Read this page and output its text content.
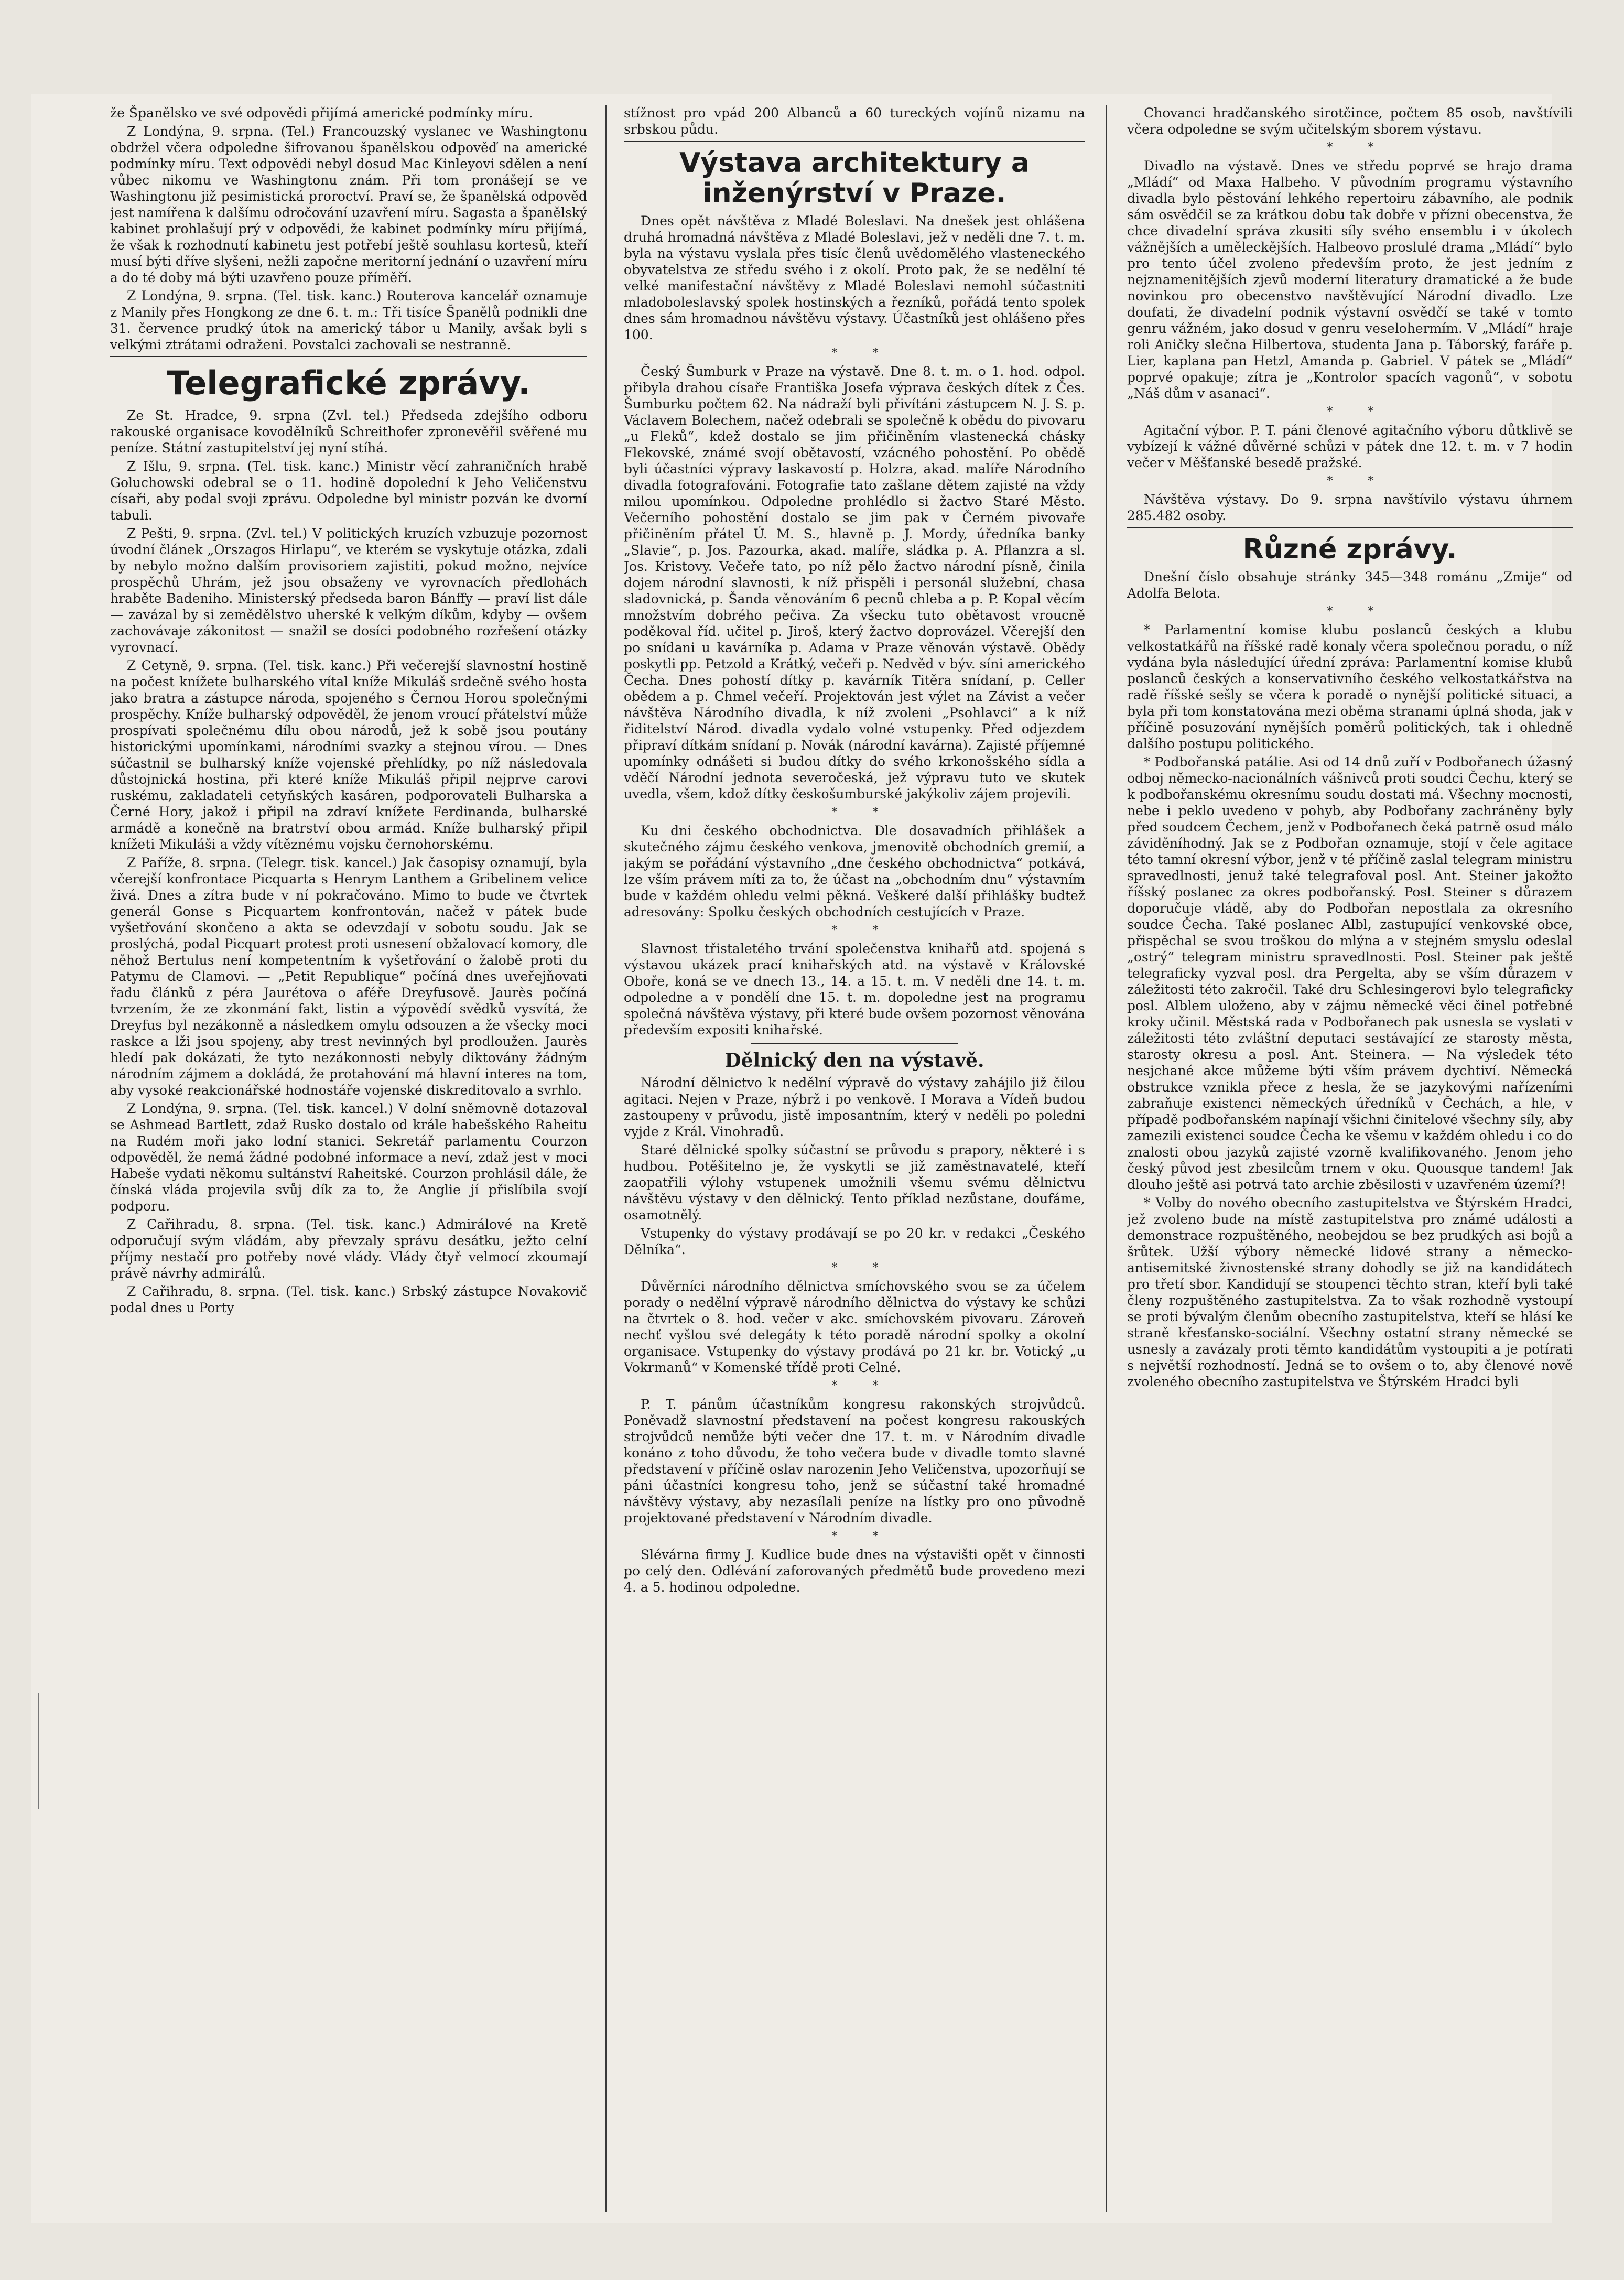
že Španělsko ve své odpovědi přijímá americké podmínky míru.

Z Londýna, 9. srpna. (Tel.) Francouzský vyslanec ve Washingtonu obdržel včera odpoledne šifrovanou španělskou odpověď na americké podmínky míru. Text odpovědi nebyl dosud Mac Kinleyovi sdělen a není vůbec nikomu ve Washingtonu znám. Při tom pronášejí se ve Washingtonu již pesimistická proroctví. Praví se, že španělská odpověď jest namířena k dalšímu odročování uzavření míru. Sagasta a španělský kabinet prohlašují prý v odpovědi, že kabinet podmínky míru přijímá, že však k rozhodnutí kabinetu jest potřebí ještě souhlasu kortesů, kteří musí býti dříve slyšeni, nežli započne meritorní jednání o uzavření míru a do té doby má býti uzavřeno pouze příměří.

Z Londýna, 9. srpna. (Tel. tisk. kanc.) Routerova kancelář oznamuje z Manily přes Hongkong ze dne 6. t. m.: Tři tisíce Španělů podnikli dne 31. července prudký útok na americký tábor u Manily, avšak byli s velkými ztrátami odraženi. Povstalci zachovali se nestranně.

Telegrafické zprávy.

Ze St. Hradce, 9. srpna (Zvl. tel.) Předseda zdejšího odboru rakouské organisace kovodělníků Schreithofer zpronevěřil svěřené mu peníze. Státní zastupitelství jej nyní stíhá.

Z Išlu, 9. srpna. (Tel. tisk. kanc.) Ministr věcí zahraničních hrabě Goluchowski odebral se o 11. hodině dopolední k Jeho Veličenstvu císaři, aby podal svoji zprávu. Odpoledne byl ministr pozván ke dvorní tabuli.

Z Pešti, 9. srpna. (Zvl. tel.) V politických kruzích vzbuzuje pozornost úvodní článek „Orszagos Hirlapu“, ve kterém se vyskytuje otázka, zdali by nebylo možno dalším provisoriem zajistiti, pokud možno, nejvíce prospěchů Uhrám, jež jsou obsaženy ve vyrovnacích předlohách hraběte Badeniho. Ministerský předseda baron Bánffy — praví list dále — zavázal by si zemědělstvo uherské k velkým díkům, kdyby — ovšem zachovávaje zákonitost — snažil se dosíci podobného rozřešení otázky vyrovnací.

Z Cetyně, 9. srpna. (Tel. tisk. kanc.) Při večerejší slavnostní hostině na počest knížete bulharského vítal kníže Mikuláš srdečně svého hosta jako bratra a zástupce národa, spojeného s Černou Horou společnými prospěchy. Kníže bulharský odpověděl, že jenom vroucí přátelství může prospívati společnému dílu obou národů, jež k sobě jsou poutány historickými upomínkami, národními svazky a stejnou vírou. — Dnes súčastnil se bulharský kníže vojenské přehlídky, po níž následovala důstojnická hostina, při které kníže Mikuláš připil nejprve carovi ruskému, zakladateli cetyňských kasáren, podporovateli Bulharska a Černé Hory, jakož i připil na zdraví knížete Ferdinanda, bulharské armádě a konečně na bratrství obou armád. Kníže bulharský připil knížeti Mikuláši a vždy vítěznému vojsku černohorskému.

Z Paříže, 8. srpna. (Telegr. tisk. kancel.) Jak časopisy oznamují, byla včerejší konfrontace Picquarta s Henrym Lanthem a Gribelinem velice živá. Dnes a zítra bude v ní pokračováno. Mimo to bude ve čtvrtek generál Gonse s Picquartem konfrontován, načež v pátek bude vyšetřování skončeno a akta se odevzdají v sobotu soudu. Jak se proslýchá, podal Picquart protest proti usnesení obžalovací komory, dle něhož Bertulus není kompetentním k vyšetřování o žalobě proti du Patymu de Clamovi. — „Petit Republique“ počíná dnes uveřejňovati řadu článků z péra Jaurétova o aféře Dreyfusově. Jaurès počíná tvrzením, že ze zkonmání fakt, listin a výpovědí svědků vysvítá, že Dreyfus byl nezákonně a následkem omylu odsouzen a že všecky moci raskce a lži jsou spojeny, aby trest nevinných byl prodloužen. Jaurès hledí pak dokázati, že tyto nezákonnosti nebyly diktovány žádným národním zájmem a dokládá, že protahování má hlavní interes na tom, aby vysoké reakcionářské hodnostáře vojenské diskreditovalo a svrhlo.

Z Londýna, 9. srpna. (Tel. tisk. kancel.) V dolní sněmovně dotazoval se Ashmead Bartlett, zdaž Rusko dostalo od krále habešského Raheitu na Rudém moři jako lodní stanici. Sekretář parlamentu Courzon odpověděl, že nemá žádné podobné informace a neví, zdaž jest v moci Habeše vydati někomu sultánství Raheitské. Courzon prohlásil dále, že čínská vláda projevila svůj dík za to, že Anglie jí přislíbila svojí podporu.

Z Cařihradu, 8. srpna. (Tel. tisk. kanc.) Admirálové na Kretě odporučují svým vládám, aby převzaly správu desátku, ježto celní příjmy nestačí pro potřeby nové vlády. Vlády čtyř velmocí zkoumají právě návrhy admirálů.

Z Cařihradu, 8. srpna. (Tel. tisk. kanc.) Srbský zástupce Novakovič podal dnes u Porty

stížnost pro vpád 200 Albanců a 60 tureckých vojínů nizamu na srbskou půdu.

Výstava architektury a inženýrství v Praze.

Dnes opět návštěva z Mladé Boleslavi. Na dnešek jest ohlášena druhá hromadná návštěva z Mladé Boleslavi, jež v neděli dne 7. t. m. byla na výstavu vyslala přes tisíc členů uvědomělého vlasteneckého obyvatelstva ze středu svého i z okolí. Proto pak, že se nedělní té velké manifestační návštěvy z Mladé Boleslavi nemohl súčastniti mladoboleslavský spolek hostinských a řezníků, pořádá tento spolek dnes sám hromadnou návštěvu výstavy. Účastníků jest ohlášeno přes 100.

* *

Český Šumburk v Praze na výstavě. Dne 8. t. m. o 1. hod. odpol. přibyla drahou císaře Františka Josefa výprava českých dítek z Čes. Šumburku počtem 62. Na nádraží byli přivítáni zástupcem N. J. S. p. Václavem Bolechem, načež odebrali se společně k obědu do pivovaru „u Fleků“, kdež dostalo se jim přičiněním vlastenecká chásky Flekovské, známé svojí obětavostí, vzácného pohostění. Po obědě byli účastníci výpravy laskavostí p. Holzra, akad. malíře Národního divadla fotografováni. Fotografie tato zašlane dětem zajisté na vždy milou upomínkou. Odpoledne prohlédlo si žactvo Staré Město. Večerního pohostění dostalo se jim pak v Černém pivovaře přičiněním přátel Ú. M. S., hlavně p. J. Mordy, úředníka banky „Slavie“, p. Jos. Pazourka, akad. malíře, sládka p. A. Pflanzra a sl. Jos. Kristovy. Večeře tato, po níž pělo žactvo národní písně, činila dojem národní slavnosti, k níž přispěli i personál služební, chasa sladovnická, p. Šanda věnováním 6 pecnů chleba a p. P. Kopal věcím množstvím dobrého pečiva. Za všecku tuto obětavost vroucně poděkoval říd. učitel p. Jiroš, který žactvo doprovázel. Včerejší den po snídani u kavárníka p. Adama v Praze věnován výstavě. Obědy poskytli pp. Petzold a Krátký, večeři p. Nedvěd v býv. síni amerického Čecha. Dnes pohostí dítky p. kavárník Titěra snídaní, p. Celler obědem a p. Chmel večeří. Projektován jest výlet na Závist a večer návštěva Národního divadla, k níž zvoleni „Psohlavci“ a k níž řiditelství Národ. divadla vydalo volné vstupenky. Před odjezdem připraví dítkám snídaní p. Novák (národní kavárna). Zajisté příjemné upomínky odnášeti si budou dítky do svého krkonošského sídla a vděčí Národní jednota severočeská, jež výpravu tuto ve skutek uvedla, všem, kdož dítky českošumburské jakýkoliv zájem projevili.

* *

Ku dni českého obchodnictva. Dle dosavadních přihlášek a skutečného zájmu českého venkova, jmenovitě obchodních gremií, a jakým se pořádání výstavního „dne českého obchodnictva“ potkává, lze vším právem míti za to, že účast na „obchodním dnu“ výstavním bude v každém ohledu velmi pěkná. Veškeré další přihlášky budtež adresovány: Spolku českých obchodních cestujících v Praze.

* *

Slavnost třistaletého trvání společenstva knihařů atd. spojená s výstavou ukázek prací knihařských atd. na výstavě v Královské Oboře, koná se ve dnech 13., 14. a 15. t. m. V neděli dne 14. t. m. odpoledne a v pondělí dne 15. t. m. dopoledne jest na programu společná návštěva výstavy, při které bude ovšem pozornost věnována především expositi knihařské.

Dělnický den na výstavě.

Národní dělnictvo k nedělní výpravě do výstavy zahájilo již čilou agitaci. Nejen v Praze, nýbrž i po venkově. I Morava a Vídeň budou zastoupeny v průvodu, jistě imposantním, který v neděli po poledni vyjde z Král. Vinohradů.

Staré dělnické spolky súčastní se průvodu s prapory, některé i s hudbou. Potěšitelno je, že vyskytli se již zaměstnavatelé, kteří zaopatřili výlohy vstupenek umožnili všemu svému dělnictvu návštěvu výstavy v den dělnický. Tento příklad nezůstane, doufáme, osamotnělý.

Vstupenky do výstavy prodávají se po 20 kr. v redakci „Českého Dělníka“.

* *

Důvěrníci národního dělnictva smíchovského svou se za účelem porady o nedělní výpravě národního dělnictva do výstavy ke schůzi na čtvrtek o 8. hod. večer v akc. smíchovském pivovaru. Zároveň nechť vyšlou své delegáty k této poradě národní spolky a okolní organisace. Vstupenky do výstavy prodává po 21 kr. br. Votický „u Vokrmanů“ v Komenské třídě proti Celné.

* *

P. T. pánům účastníkům kongresu rakonských strojvůdců. Poněvadž slavnostní představení na počest kongresu rakouských strojvůdců nemůže býti večer dne 17. t. m. v Národním divadle konáno z toho důvodu, že toho večera bude v divadle tomto slavné představení v příčině oslav narozenin Jeho Veličenstva, upozorňují se páni účastníci kongresu toho, jenž se súčastní také hromadné návštěvy výstavy, aby nezasílali peníze na lístky pro ono původně projektované představení v Národním divadle.

* *

Slévárna firmy J. Kudlice bude dnes na výstavišti opět v činnosti po celý den. Odlévání zaforovaných předmětů bude provedeno mezi 4. a 5. hodinou odpoledne.

Chovanci hradčanského sirotčince, počtem 85 osob, navštívili včera odpoledne se svým učitelským sborem výstavu.

* *

Divadlo na výstavě. Dnes ve středu poprvé se hrajo drama „Mládí“ od Maxa Halbeho. V původním programu výstavního divadla bylo pěstování lehkého repertoiru zábavního, ale podnik sám osvědčil se za krátkou dobu tak dobře v přízni obecenstva, že chce divadelní správa zkusiti síly svého ensemblu i v úkolech vážnějších a uměleckějších. Halbeovo proslulé drama „Mládí“ bylo pro tento účel zvoleno především proto, že jest jedním z nejznamenitějších zjevů moderní literatury dramatické a že bude novinkou pro obecenstvo navštěvující Národní divadlo. Lze doufati, že divadelní podnik výstavní osvědčí se také v tomto genru vážném, jako dosud v genru veselohermím. V „Mládí“ hraje roli Aničky slečna Hilbertova, studenta Jana p. Táborský, faráře p. Lier, kaplana pan Hetzl, Amanda p. Gabriel. V pátek se „Mládí“ poprvé opakuje; zítra je „Kontrolor spacích vagonů“, v sobotu „Náš dům v asanaci“.

* *

Agitační výbor. P. T. páni členové agitačního výboru důtklivě se vybízejí k vážné důvěrné schůzi v pátek dne 12. t. m. v 7 hodin večer v Měšťanské besedě pražské.

* *

Návštěva výstavy. Do 9. srpna navštívilo výstavu úhrnem 285.482 osoby.

Různé zprávy.

Dnešní číslo obsahuje stránky 345—348 románu „Zmije“ od Adolfa Belota.

* *

* Parlamentní komise klubu poslanců českých a klubu velkostatkářů na říšské radě konaly včera společnou poradu, o níž vydána byla následující úřední zpráva: Parlamentní komise klubů poslanců českých a konservativního českého velkostatkářstva na radě říšské sešly se včera k poradě o nynější politické situaci, a byla při tom konstatována mezi oběma stranami úplná shoda, jak v příčině posuzování nynějších poměrů politických, tak i ohledně dalšího postupu politického.

* Podbořanská patálie. Asi od 14 dnů zuří v Podbořanech úžasný odboj německo-nacionálních vášnivců proti soudci Čechu, který se k podbořanskému okresnímu soudu dostati má. Všechny mocnosti, nebe i peklo uvedeno v pohyb, aby Podbořany zachráněny byly před soudcem Čechem, jenž v Podbořanech čeká patrně osud málo záviděníhodný. Jak se z Podbořan oznamuje, stojí v čele agitace této tamní okresní výbor, jenž v té příčině zaslal telegram ministru spravedlnosti, jenuž také telegrafoval posl. Ant. Steiner jakožto říšský poslanec za okres podbořanský. Posl. Steiner s důrazem doporučuje vládě, aby do Podbořan nepostlala za okresního soudce Čecha. Také poslanec Albl, zastupující venkovské obce, přispěchal se svou troškou do mlýna a v stejném smyslu odeslal „ostrý“ telegram ministru spravedlnosti. Posl. Steiner pak ještě telegraficky vyzval posl. dra Pergelta, aby se vším důrazem v záležitosti této zakročil. Také dru Schlesingerovi bylo telegraficky posl. Alblem uloženo, aby v zájmu německé věci činel potřebné kroky učinil. Městská rada v Podbořanech pak usnesla se vyslati v záležitosti této zvláštní deputaci sestávající ze starosty města, starosty okresu a posl. Ant. Steinera. — Na výsledek této nesjchané akce můžeme býti vším právem dychtiví. Německá obstrukce vznikla přece z hesla, že se jazykovými nařízeními zabraňuje existenci německých úředníků v Čechách, a hle, v případě podbořanském napínají všichni činitelové všechny síly, aby zamezili existenci soudce Čecha ke všemu v každém ohledu i co do znalosti obou jazyků zajisté vzorně kvalifikovaného. Jenom jeho český původ jest zbesilcům trnem v oku. Quousque tandem! Jak dlouho ještě asi potrvá tato archie zběsilosti v uzavřeném území?!

* Volby do nového obecního zastupitelstva ve Štýrském Hradci, jež zvoleno bude na místě zastupitelstva pro známé události a demonstrace rozpuštěného, neobejdou se bez prudkých asi bojů a šrůtek. Užší výbory německé lidové strany a německo-antisemitské živnostenské strany dohodly se již na kandidátech pro třetí sbor. Kandidují se stoupenci těchto stran, kteří byli také členy rozpuštěného zastupitelstva. Za to však rozhodně vystoupí se proti bývalým členům obecního zastupitelstva, kteří se hlásí ke straně křesťansko-sociální. Všechny ostatní strany německé se usnesly a zavázaly proti těmto kandidátům vystoupiti a je potírati s největší rozhodností. Jedná se to ovšem o to, aby členové nově zvoleného obecního zastupitelstva ve Štýrském Hradci byli
